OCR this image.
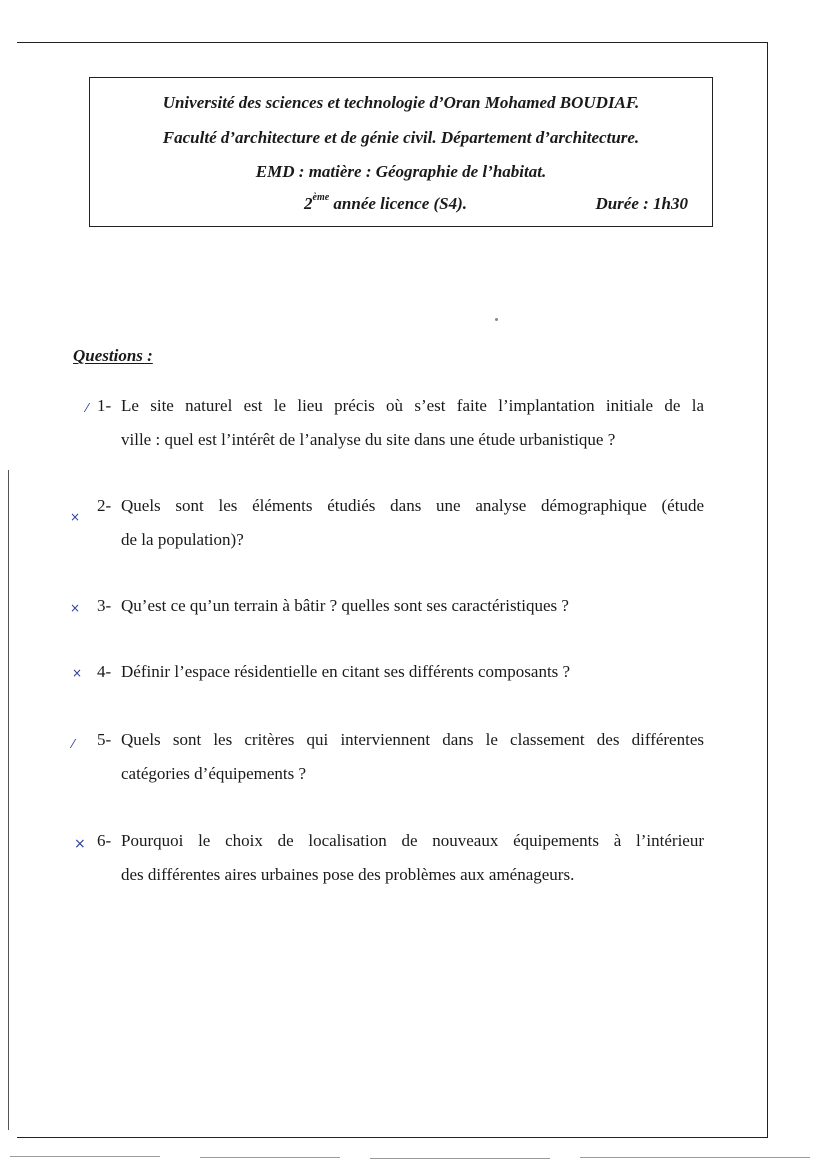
Université des sciences et technologie d’Oran Mohamed BOUDIAF.
Faculté d’architecture et de génie civil. Département d’architecture.
EMD : matière : Géographie de l’habitat.
2ème année licence (S4).	Durée : 1h30
Questions :
1- Le site naturel est le lieu précis où s’est faite l’implantation initiale de la
ville : quel est l’intérêt de l’analyse du site dans une étude urbanistique ?
⁄
2- Quels sont les éléments étudiés dans une analyse démographique (étude
de la population)?
×
3- Qu’est ce qu’un terrain à bâtir ? quelles sont ses caractéristiques ?
×
4- Définir l’espace résidentielle en citant ses différents composants ?
×
5- Quels sont les critères qui interviennent dans le classement des différentes
catégories d’équipements ?
⁄
6- Pourquoi le choix de localisation de nouveaux équipements à l’intérieur
des différentes aires urbaines pose des problèmes aux aménageurs.
×
